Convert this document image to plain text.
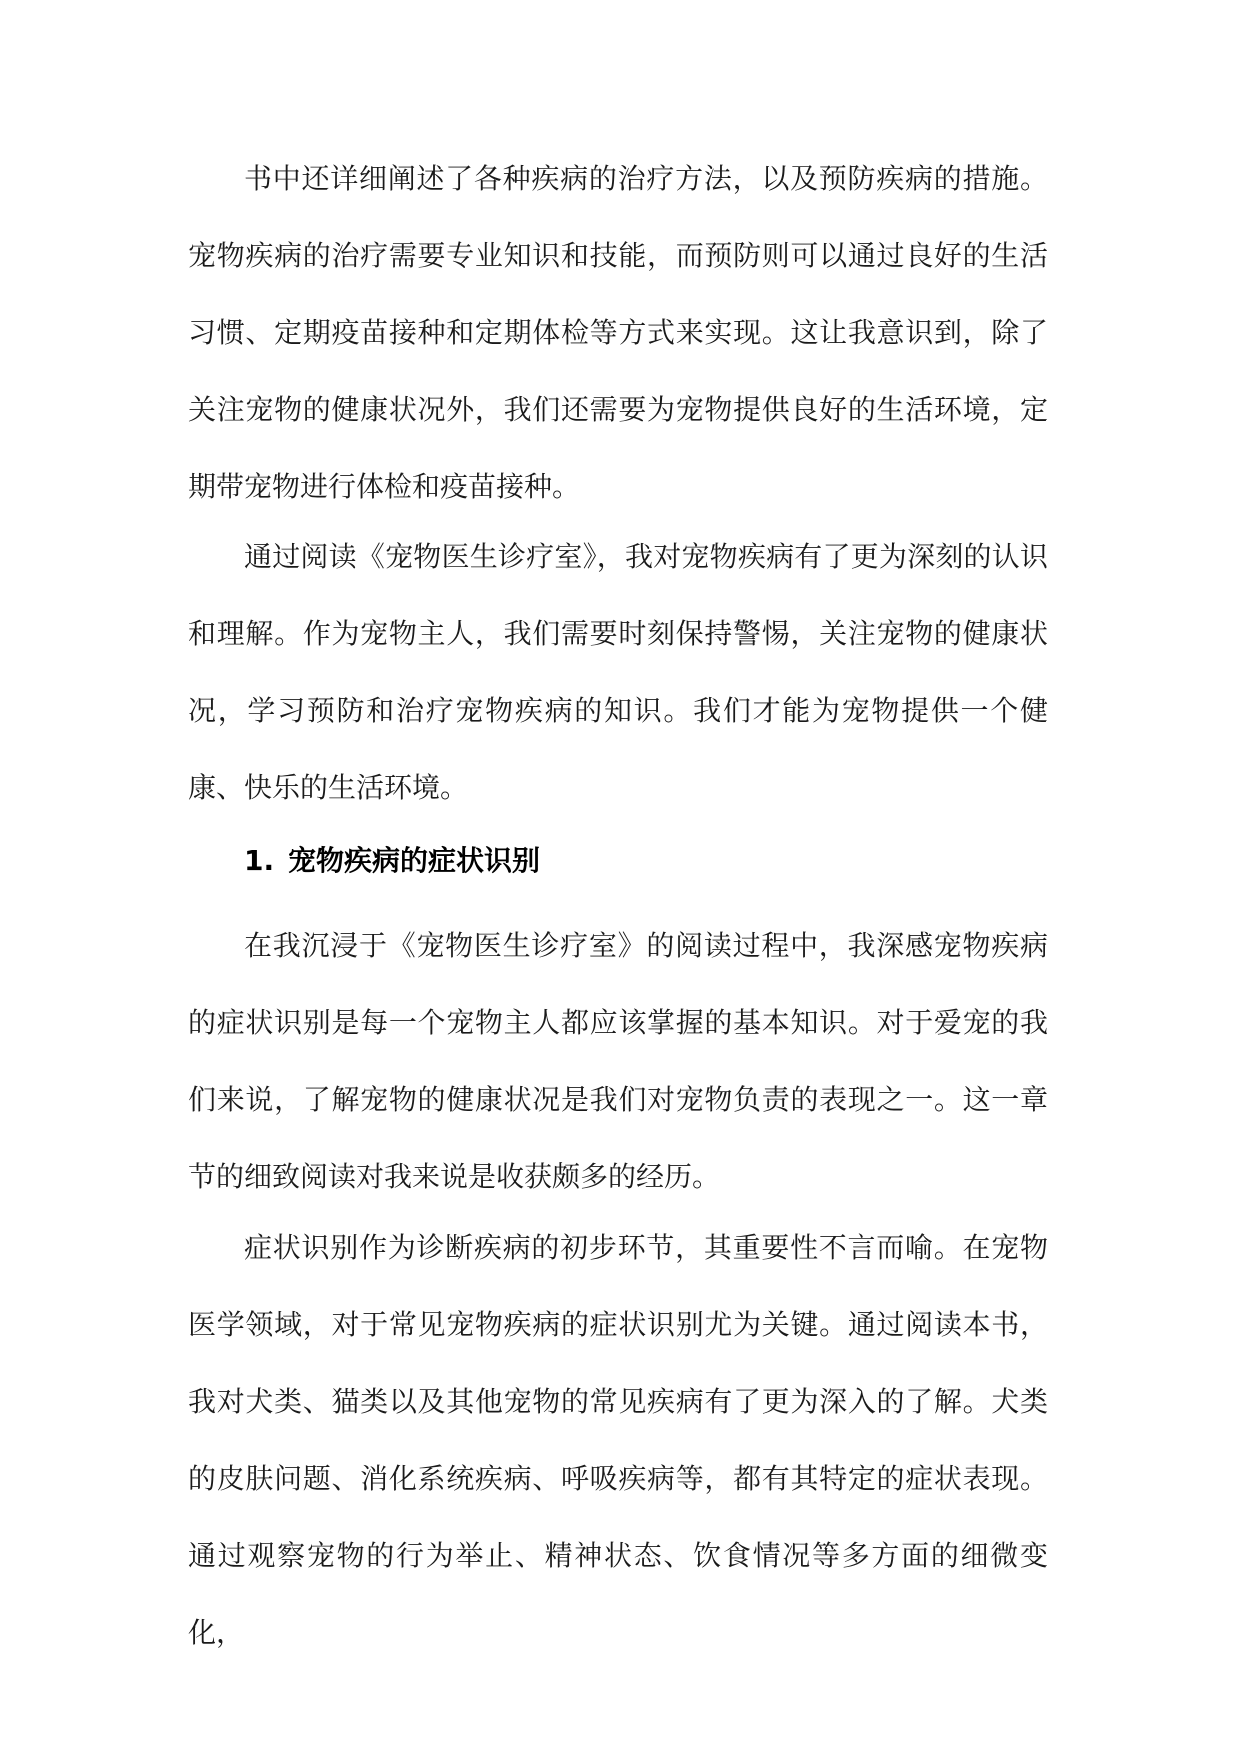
书中还详细阐述了各种疾病的治疗方法，以及预防疾病的措施。宠物疾病的治疗需要专业知识和技能，而预防则可以通过良好的生活习惯、定期疫苗接种和定期体检等方式来实现。这让我意识到，除了关注宠物的健康状况外，我们还需要为宠物提供良好的生活环境，定期带宠物进行体检和疫苗接种。

通过阅读《宠物医生诊疗室》，我对宠物疾病有了更为深刻的认识和理解。作为宠物主人，我们需要时刻保持警惕，关注宠物的健康状况，学习预防和治疗宠物疾病的知识。我们才能为宠物提供一个健康、快乐的生活环境。

1. 宠物疾病的症状识别

在我沉浸于《宠物医生诊疗室》的阅读过程中，我深感宠物疾病的症状识别是每一个宠物主人都应该掌握的基本知识。对于爱宠的我们来说，了解宠物的健康状况是我们对宠物负责的表现之一。这一章节的细致阅读对我来说是收获颇多的经历。

症状识别作为诊断疾病的初步环节，其重要性不言而喻。在宠物医学领域，对于常见宠物疾病的症状识别尤为关键。通过阅读本书，我对犬类、猫类以及其他宠物的常见疾病有了更为深入的了解。犬类的皮肤问题、消化系统疾病、呼吸疾病等，都有其特定的症状表现。通过观察宠物的行为举止、精神状态、饮食情况等多方面的细微变化，
